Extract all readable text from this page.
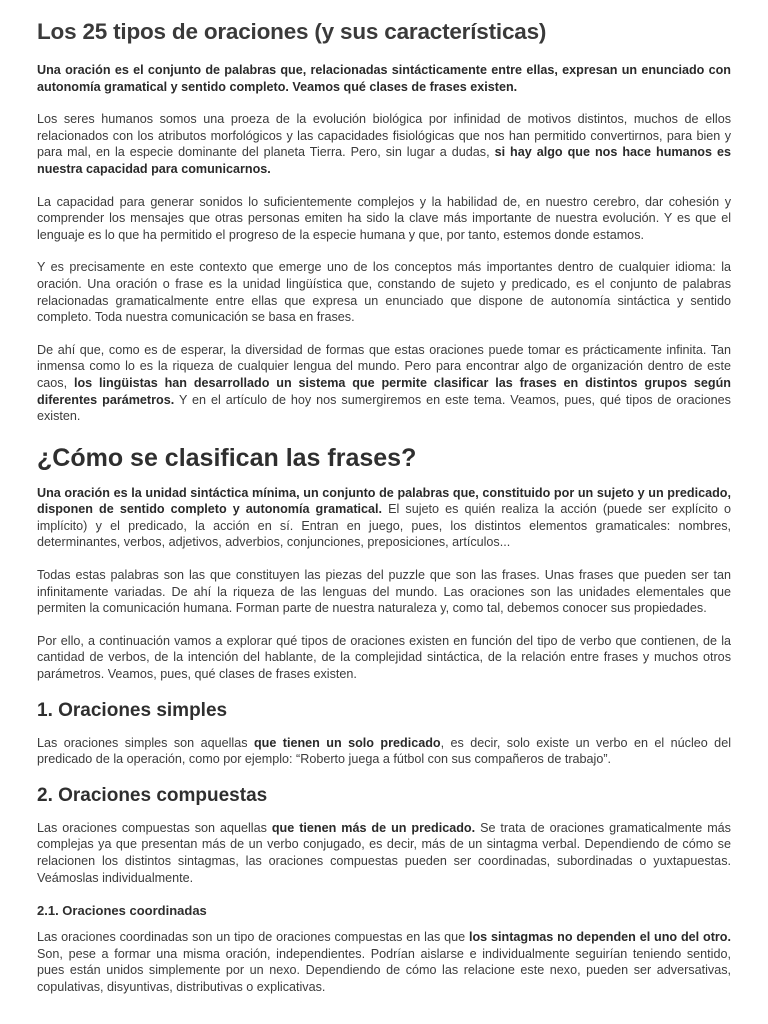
Los 25 tipos de oraciones (y sus características)

Una oración es el conjunto de palabras que, relacionadas sintácticamente entre ellas, expresan un enunciado con autonomía gramatical y sentido completo. Veamos qué clases de frases existen.

Los seres humanos somos una proeza de la evolución biológica por infinidad de motivos distintos, muchos de ellos relacionados con los atributos morfológicos y las capacidades fisiológicas que nos han permitido convertirnos, para bien y para mal, en la especie dominante del planeta Tierra. Pero, sin lugar a dudas, si hay algo que nos hace humanos es nuestra capacidad para comunicarnos.

La capacidad para generar sonidos lo suficientemente complejos y la habilidad de, en nuestro cerebro, dar cohesión y comprender los mensajes que otras personas emiten ha sido la clave más importante de nuestra evolución. Y es que el lenguaje es lo que ha permitido el progreso de la especie humana y que, por tanto, estemos donde estamos.

Y es precisamente en este contexto que emerge uno de los conceptos más importantes dentro de cualquier idioma: la oración. Una oración o frase es la unidad lingüística que, constando de sujeto y predicado, es el conjunto de palabras relacionadas gramaticalmente entre ellas que expresa un enunciado que dispone de autonomía sintáctica y sentido completo. Toda nuestra comunicación se basa en frases.

De ahí que, como es de esperar, la diversidad de formas que estas oraciones puede tomar es prácticamente infinita. Tan inmensa como lo es la riqueza de cualquier lengua del mundo. Pero para encontrar algo de organización dentro de este caos, los lingüistas han desarrollado un sistema que permite clasificar las frases en distintos grupos según diferentes parámetros. Y en el artículo de hoy nos sumergiremos en este tema. Veamos, pues, qué tipos de oraciones existen.

¿Cómo se clasifican las frases?

Una oración es la unidad sintáctica mínima, un conjunto de palabras que, constituido por un sujeto y un predicado, disponen de sentido completo y autonomía gramatical. El sujeto es quién realiza la acción (puede ser explícito o implícito) y el predicado, la acción en sí. Entran en juego, pues, los distintos elementos gramaticales: nombres, determinantes, verbos, adjetivos, adverbios, conjunciones, preposiciones, artículos...

Todas estas palabras son las que constituyen las piezas del puzzle que son las frases. Unas frases que pueden ser tan infinitamente variadas. De ahí la riqueza de las lenguas del mundo. Las oraciones son las unidades elementales que permiten la comunicación humana. Forman parte de nuestra naturaleza y, como tal, debemos conocer sus propiedades.

Por ello, a continuación vamos a explorar qué tipos de oraciones existen en función del tipo de verbo que contienen, de la cantidad de verbos, de la intención del hablante, de la complejidad sintáctica, de la relación entre frases y muchos otros parámetros. Veamos, pues, qué clases de frases existen.

1. Oraciones simples

Las oraciones simples son aquellas que tienen un solo predicado, es decir, solo existe un verbo en el núcleo del predicado de la operación, como por ejemplo: “Roberto juega a fútbol con sus compañeros de trabajo”.

2. Oraciones compuestas

Las oraciones compuestas son aquellas que tienen más de un predicado. Se trata de oraciones gramaticalmente más complejas ya que presentan más de un verbo conjugado, es decir, más de un sintagma verbal. Dependiendo de cómo se relacionen los distintos sintagmas, las oraciones compuestas pueden ser coordinadas, subordinadas o yuxtapuestas. Veámoslas individualmente.

2.1. Oraciones coordinadas

Las oraciones coordinadas son un tipo de oraciones compuestas en las que los sintagmas no dependen el uno del otro. Son, pese a formar una misma oración, independientes. Podrían aislarse e individualmente seguirían teniendo sentido, pues están unidos simplemente por un nexo. Dependiendo de cómo las relacione este nexo, pueden ser adversativas, copulativas, disyuntivas, distributivas o explicativas.
